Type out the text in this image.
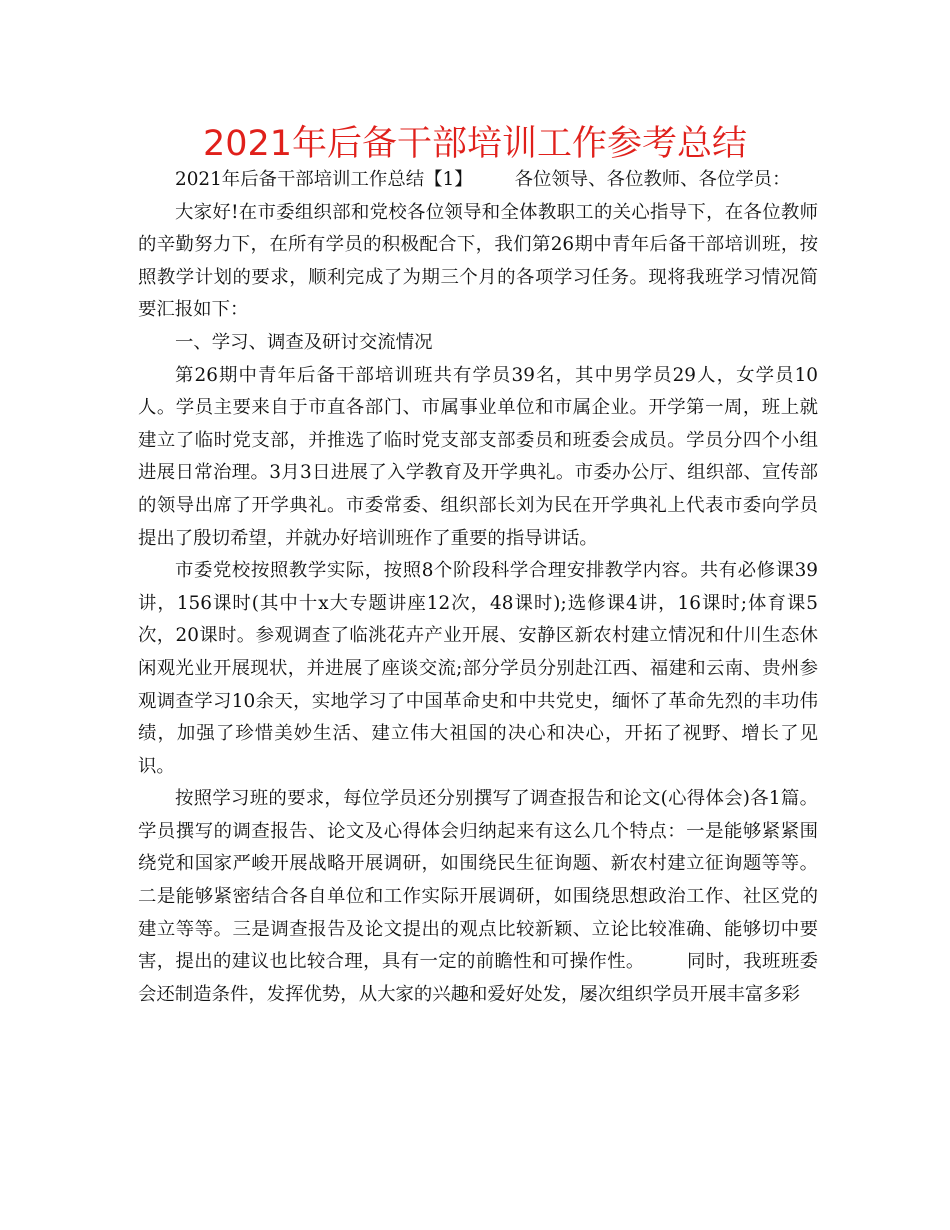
2021年后备干部培训工作参考总结

2021年后备干部培训工作总结【1】 各位领导、各位教师、各位学员：

大家好!在市委组织部和党校各位领导和全体教职工的关心指导下，在各位教师的辛勤努力下，在所有学员的积极配合下，我们第26期中青年后备干部培训班，按照教学计划的要求，顺利完成了为期三个月的各项学习任务。现将我班学习情况简要汇报如下：

一、学习、调查及研讨交流情况

第26期中青年后备干部培训班共有学员39名，其中男学员29人，女学员10人。学员主要来自于市直各部门、市属事业单位和市属企业。开学第一周，班上就建立了临时党支部，并推选了临时党支部支部委员和班委会成员。学员分四个小组进展日常治理。3月3日进展了入学教育及开学典礼。市委办公厅、组织部、宣传部的领导出席了开学典礼。市委常委、组织部长刘为民在开学典礼上代表市委向学员提出了殷切希望，并就办好培训班作了重要的指导讲话。

市委党校按照教学实际，按照8个阶段科学合理安排教学内容。共有必修课39讲，156课时(其中十x大专题讲座12次，48课时);选修课4讲，16课时;体育课5次，20课时。参观调查了临洮花卉产业开展、安静区新农村建立情况和什川生态休闲观光业开展现状，并进展了座谈交流;部分学员分别赴江西、福建和云南、贵州参观调查学习10余天，实地学习了中国革命史和中共党史，缅怀了革命先烈的丰功伟绩，加强了珍惜美妙生活、建立伟大祖国的决心和决心，开拓了视野、增长了见识。

按照学习班的要求，每位学员还分别撰写了调查报告和论文(心得体会)各1篇。学员撰写的调查报告、论文及心得体会归纳起来有这么几个特点：一是能够紧紧围绕党和国家严峻开展战略开展调研，如围绕民生征询题、新农村建立征询题等等。二是能够紧密结合各自单位和工作实际开展调研，如围绕思想政治工作、社区党的建立等等。三是调查报告及论文提出的观点比较新颖、立论比较准确、能够切中要害，提出的建议也比较合理，具有一定的前瞻性和可操作性。 同时，我班班委会还制造条件，发挥优势，从大家的兴趣和爱好处发，屡次组织学员开展丰富多彩
